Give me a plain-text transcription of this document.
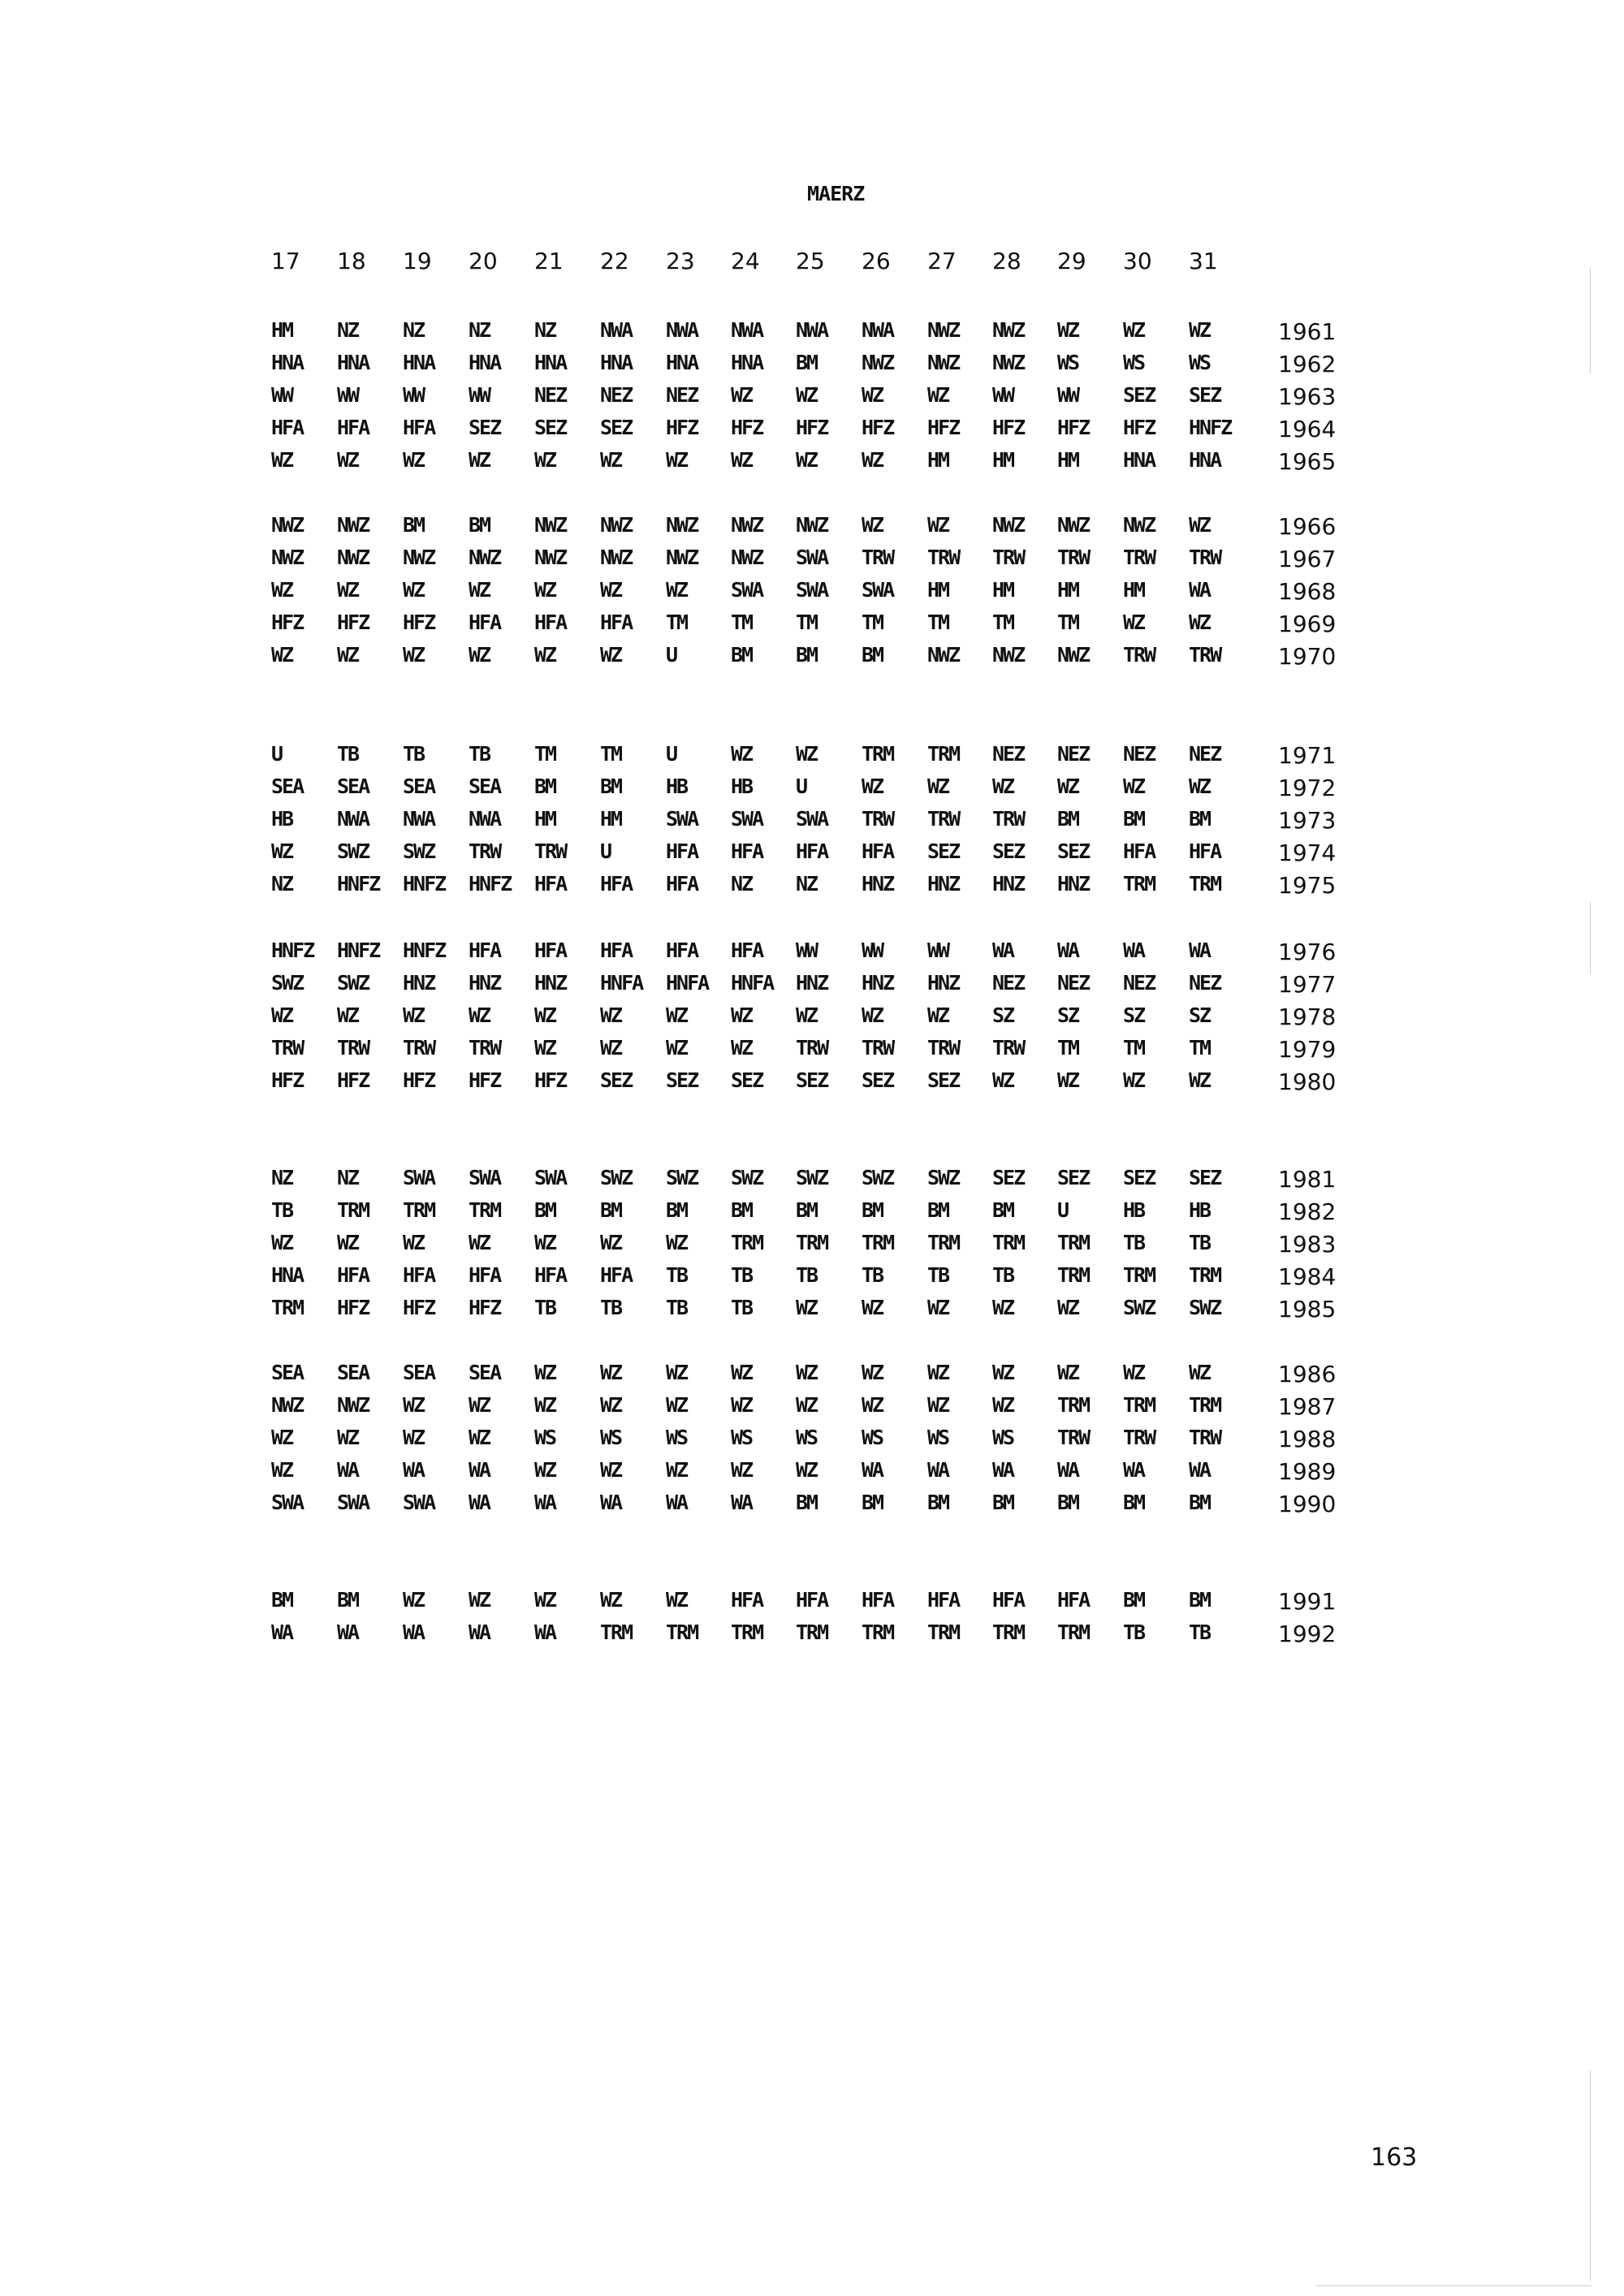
MAERZ
17 18 19 20 21 22 23 24 25 26 27 28 29 30 31
HM NZ NZ NZ NZ NWA NWA NWA NWA NWA NWZ NWZ WZ WZ WZ	1961
HNA HNA HNA HNA HNA HNA HNA HNA BM NWZ NWZ NWZ WS WS WS	1962
WW WW WW WW NEZ NEZ NEZ WZ WZ WZ WZ WW WW SEZ SEZ	1963
HFA HFA HFA SEZ SEZ SEZ HFZ HFZ HFZ HFZ HFZ HFZ HFZ HFZ HNFZ 1964
WZ WZ WZ WZ WZ WZ WZ WZ WZ WZ HM HM HM HNA HNA	1965
NWZ NWZ BM BM NWZ NWZ NWZ NWZ NWZ WZ WZ NWZ NWZ NWZ WZ	1966
NWZ NWZ NWZ NWZ NWZ NWZ NWZ NWZ SWA TRW TRW TRW TRW TRW TRW	1967
WZ WZ WZ WZ WZ WZ WZ SWA SWA SWA HM HM HM HM WA	1968
HFZ HFZ HFZ HFA HFA HFA TM TM TM TM TM TM TM WZ WZ	1969
WZ WZ WZ WZ WZ WZ U	BM BM BM NWZ NWZ NWZ TRW TRW	1970
U	TB TB TB TM TM U	WZ WZ TRM TRM NEZ NEZ NEZ NEZ	1971
SEA SEA SEA SEA BM BM HB HB U	WZ WZ WZ WZ WZ WZ	1972
HB NWA NWA NWA HM HM SWA SWA SWA TRW TRW TRW BM BM BM	1973
WZ SWZ SWZ TRW TRW U	HFA HFA HFA HFA SEZ SEZ SEZ HFA HFA	1974
NZ HNFZ HNFZ HNFZ HFA HFA HFA NZ NZ HNZ HNZ HNZ HNZ TRM TRM	1975
HNFZ HNFZ HNFZ HFA HFA HFA HFA HFA WW WW WW WA WA WA WA	1976
SWZ SWZ HNZ HNZ HNZ HNFA HNFA HNFA HNZ HNZ HNZ NEZ NEZ NEZ NEZ	1977
WZ WZ WZ WZ WZ WZ WZ WZ WZ WZ WZ SZ SZ SZ SZ	1978
TRW TRW TRW TRW WZ WZ WZ WZ TRW TRW TRW TRW TM TM TM	1979
HFZ HFZ HFZ HFZ HFZ SEZ SEZ SEZ SEZ SEZ SEZ WZ WZ WZ WZ	1980
NZ NZ SWA SWA SWA SWZ SWZ SWZ SWZ SWZ SWZ SEZ SEZ SEZ SEZ	1981
TB TRM TRM TRM BM BM BM BM BM BM BM BM U	HB HB	1982
WZ WZ WZ WZ WZ WZ WZ TRM TRM TRM TRM TRM TRM TB TB	1983
HNA HFA HFA HFA HFA HFA TB TB TB TB TB TB TRM TRM TRM	1984
TRM HFZ HFZ HFZ TB TB TB TB WZ WZ WZ WZ WZ SWZ SWZ	1985
SEA SEA SEA SEA WZ WZ WZ WZ WZ WZ WZ WZ WZ WZ WZ	1986
NWZ NWZ WZ WZ WZ WZ WZ WZ WZ WZ WZ WZ TRM TRM TRM	1987
WZ WZ WZ WZ WS WS WS WS WS WS WS WS TRW TRW TRW	1988
WZ WA WA WA WZ WZ WZ WZ WZ WA WA WA WA WA WA	1989
SWA SWA SWA WA WA WA WA WA BM BM BM BM BM BM BM	1990
BM BM WZ WZ WZ WZ WZ HFA HFA HFA HFA HFA HFA BM BM	1991
WA WA WA WA WA TRM TRM TRM TRM TRM TRM TRM TRM TB TB	1992
163
